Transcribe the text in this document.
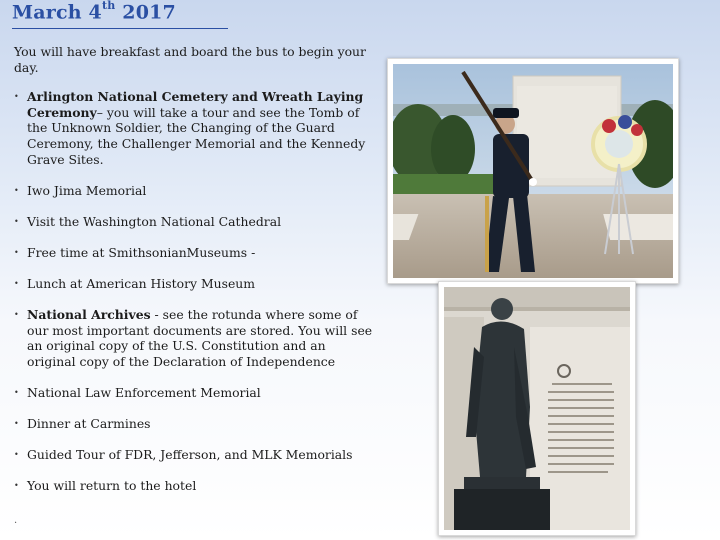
March 4th 2017

You will have breakfast and board the bus to begin your day.

• Arlington National Cemetery and Wreath Laying Ceremony– you will take a tour and see the Tomb of the Unknown Soldier, the Changing of the Guard Ceremony, the Challenger Memorial and the Kennedy Grave Sites.
• Iwo Jima Memorial
• Visit the Washington National Cathedral
• Free time at SmithsonianMuseums -
• Lunch at American History Museum
• National Archives - see the rotunda where some of our most important documents are stored. You will see an original copy of the U.S. Constitution and an original copy of the Declaration of Independence
• National Law Enforcement Memorial
• Dinner at Carmines
• Guided Tour of FDR, Jefferson, and MLK Memorials
• You will return to the hotel
.
